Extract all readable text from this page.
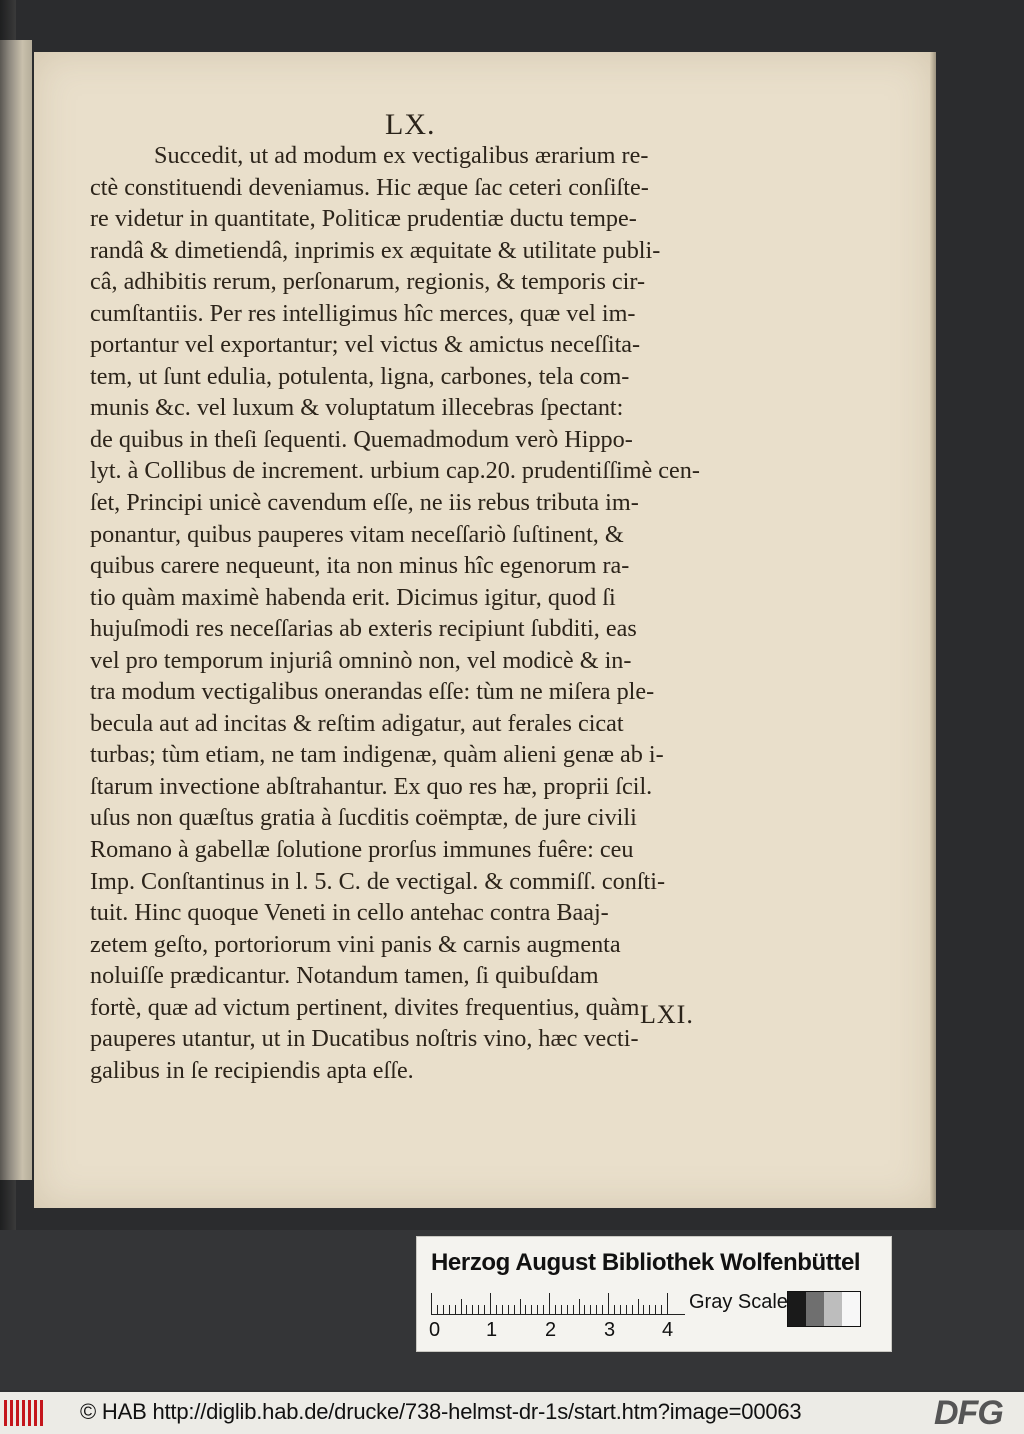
LX.
Succedit, ut ad modum ex vectigalibus ærarium re-
ctè constituendi deveniamus. Hic æque ſac ceteri conſiſte-
re videtur in quantitate, Politicæ prudentiæ ductu tempe-
randâ & dimetiendâ, inprimis ex æquitate & utilitate publi-
câ, adhibitis rerum, perſonarum, regionis, & temporis cir-
cumſtantiis. Per res intelligimus hîc merces, quæ vel im-
portantur vel exportantur; vel victus & amictus neceſſita-
tem, ut ſunt edulia, potulenta, ligna, carbones, tela com-
munis &c. vel luxum & voluptatum illecebras ſpectant:
de quibus in theſi ſequenti. Quemadmodum verò Hippo-
lyt. à Collibus de increment. urbium cap.20. prudentiſſimè cen-
ſet, Principi unicè cavendum eſſe, ne iis rebus tributa im-
ponantur, quibus pauperes vitam neceſſariò ſuſtinent, &
quibus carere nequeunt, ita non minus hîc egenorum ra-
tio quàm maximè habenda erit. Dicimus igitur, quod ſi
hujuſmodi res neceſſarias ab exteris recipiunt ſubditi, eas
vel pro temporum injuriâ omninò non, vel modicè & in-
tra modum vectigalibus onerandas eſſe: tùm ne miſera ple-
becula aut ad incitas & reſtim adigatur, aut ferales cicat
turbas; tùm etiam, ne tam indigenæ, quàm alieni genæ ab i-
ſtarum invectione abſtrahantur. Ex quo res hæ, proprii ſcil.
uſus non quæſtus gratia à ſucditis coëmptæ, de jure civili
Romano à gabellæ ſolutione prorſus immunes fuêre: ceu
Imp. Conſtantinus in l. 5. C. de vectigal. & commiſſ. conſti-
tuit. Hinc quoque Veneti in cello antehac contra Baaj-
zetem geſto, portoriorum vini panis & carnis augmenta
noluiſſe prædicantur. Notandum tamen, ſi quibuſdam
fortè, quæ ad victum pertinent, divites frequentius, quàm
pauperes utantur, ut in Ducatibus noſtris vino, hæc vecti-
galibus in ſe recipiendis apta eſſe.
LXI.
Herzog August Bibliothek Wolfenbüttel
0 1 2 3 4
Gray Scale
© HAB http://diglib.hab.de/drucke/738-helmst-dr-1s/start.htm?image=00063	DFG
